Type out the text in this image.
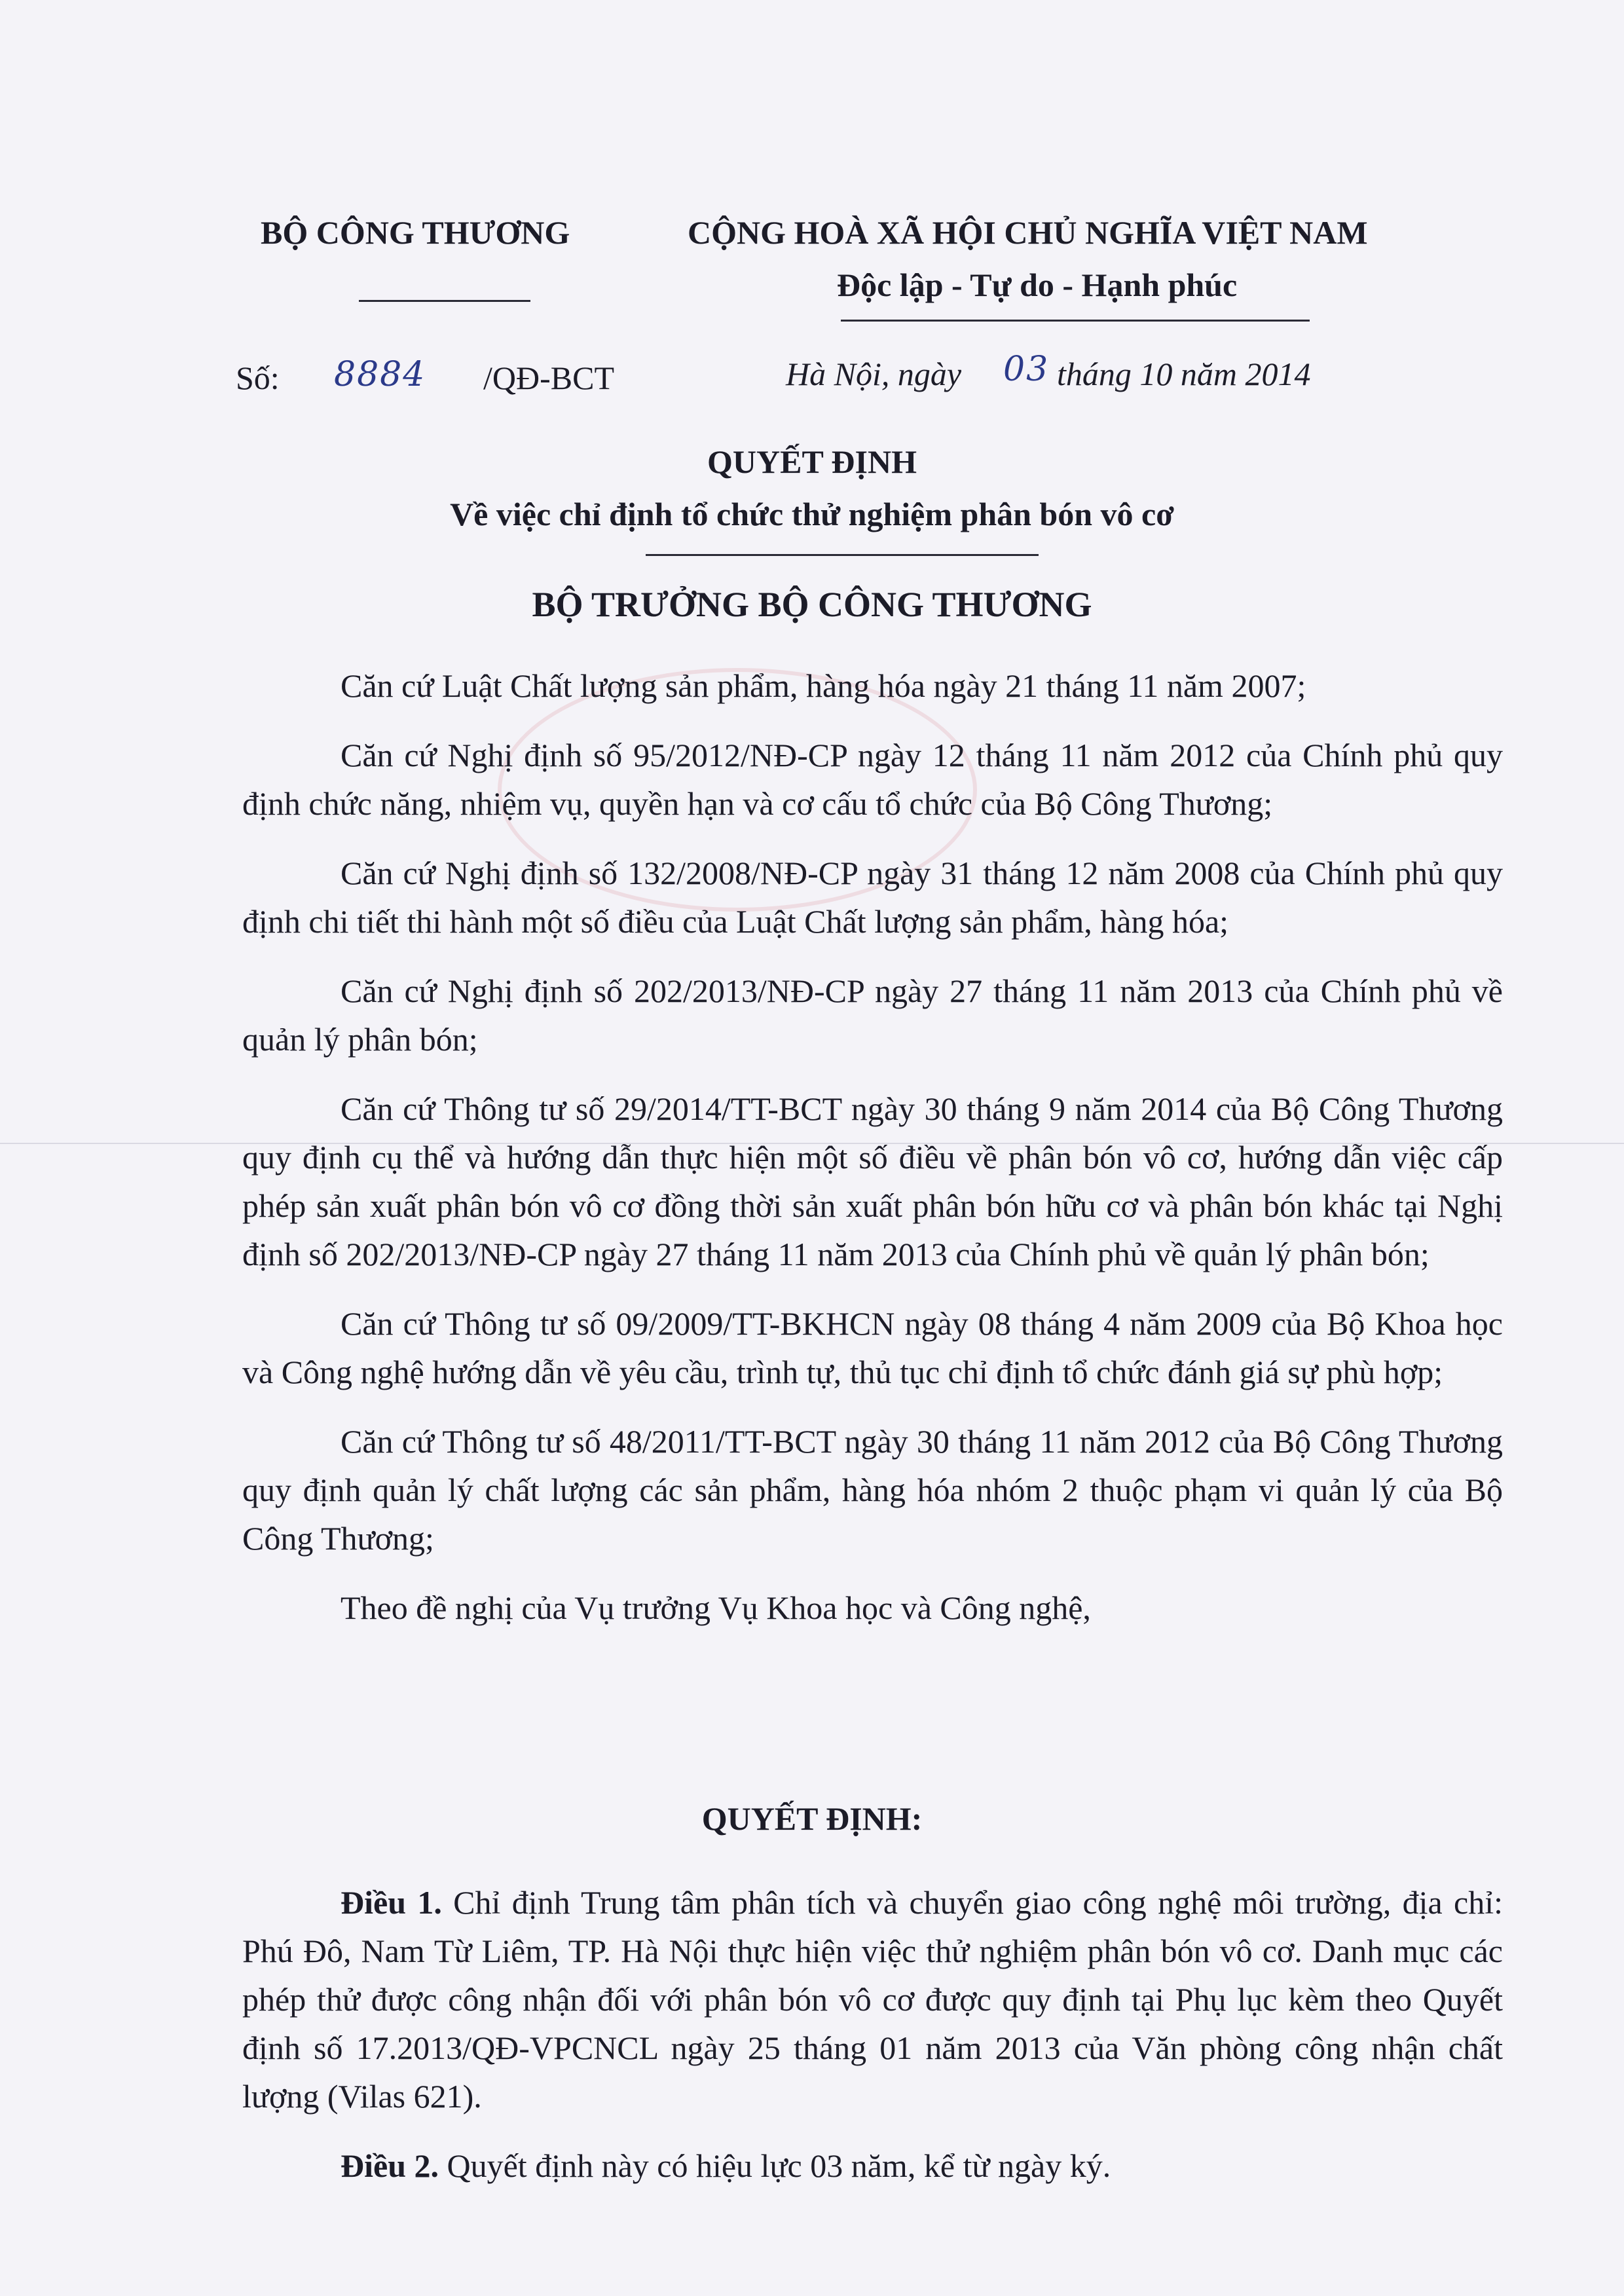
BỘ CÔNG THƯƠNG	CỘNG HOÀ XÃ HỘI CHỦ NGHĨA VIỆT NAM
Độc lập - Tự do - Hạnh phúc
Số: 8884 /QĐ-BCT	Hà Nội, ngày 03 tháng 10 năm 2014
QUYẾT ĐỊNH
Về việc chỉ định tổ chức thử nghiệm phân bón vô cơ
BỘ TRƯỞNG BỘ CÔNG THƯƠNG

Căn cứ Luật Chất lượng sản phẩm, hàng hóa ngày 21 tháng 11 năm 2007;

Căn cứ Nghị định số 95/2012/NĐ-CP ngày 12 tháng 11 năm 2012 của Chính phủ quy định chức năng, nhiệm vụ, quyền hạn và cơ cấu tổ chức của Bộ Công Thương;

Căn cứ Nghị định số 132/2008/NĐ-CP ngày 31 tháng 12 năm 2008 của Chính phủ quy định chi tiết thi hành một số điều của Luật Chất lượng sản phẩm, hàng hóa;

Căn cứ Nghị định số 202/2013/NĐ-CP ngày 27 tháng 11 năm 2013 của Chính phủ về quản lý phân bón;

Căn cứ Thông tư số 29/2014/TT-BCT ngày 30 tháng 9 năm 2014 của Bộ Công Thương quy định cụ thể và hướng dẫn thực hiện một số điều về phân bón vô cơ, hướng dẫn việc cấp phép sản xuất phân bón vô cơ đồng thời sản xuất phân bón hữu cơ và phân bón khác tại Nghị định số 202/2013/NĐ-CP ngày 27 tháng 11 năm 2013 của Chính phủ về quản lý phân bón;

Căn cứ Thông tư số 09/2009/TT-BKHCN ngày 08 tháng 4 năm 2009 của Bộ Khoa học và Công nghệ hướng dẫn về yêu cầu, trình tự, thủ tục chỉ định tổ chức đánh giá sự phù hợp;

Căn cứ Thông tư số 48/2011/TT-BCT ngày 30 tháng 11 năm 2012 của Bộ Công Thương quy định quản lý chất lượng các sản phẩm, hàng hóa nhóm 2 thuộc phạm vi quản lý của Bộ Công Thương;

Theo đề nghị của Vụ trưởng Vụ Khoa học và Công nghệ,

QUYẾT ĐỊNH:

Điều 1. Chỉ định Trung tâm phân tích và chuyển giao công nghệ môi trường, địa chỉ: Phú Đô, Nam Từ Liêm, TP. Hà Nội thực hiện việc thử nghiệm phân bón vô cơ. Danh mục các phép thử được công nhận đối với phân bón vô cơ được quy định tại Phụ lục kèm theo Quyết định số 17.2013/QĐ-VPCNCL ngày 25 tháng 01 năm 2013 của Văn phòng công nhận chất lượng (Vilas 621).

Điều 2. Quyết định này có hiệu lực 03 năm, kể từ ngày ký.
